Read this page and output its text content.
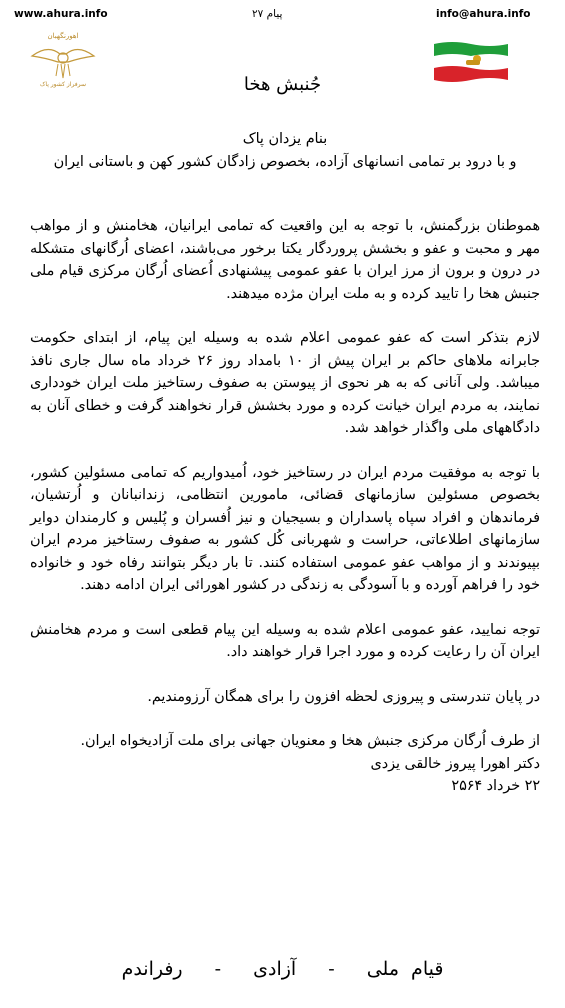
www.ahura.info	پیام ۲۷	info@ahura.info
اهورنگهبان
سرفراز کشور پاک	جُنبش هخا

بنام یزدان پاک

و با درود بر تمامی انسانهای آزاده، بخصوص زادگان کشور کهن و باستانی ایران

هموطنان بزرگمنش، با توجه به این واقعیت که تمامی ایرانیان، هخامنش و از مواهب مهر و محبت و عفو و بخشش پروردگار یکتا برخور می‌باشند، اعضای اُرگانهای متشکله در درون و برون از مرز ایران با عفو عمومی پیشنهادی اُعضای اُرگان مرکزی قیام ملی جنبش هخا را تایید کرده و به ملت ایران مژده میدهند.

لازم بتذکر است که عفو عمومی اعلام شده به وسیله این پیام، از ابتدای حکومت جابرانه ملاهای حاکم بر ایران پیش از ۱۰ بامداد روز ۲۶ خرداد ماه سال جاری نافذ میباشد. ولی آنانی که به هر نحوی از پیوستن به صفوف رستاخیز ملت ایران خودداری نمایند، به مردم ایران خیانت کرده و مورد بخشش قرار نخواهند گرفت و خطای آنان به دادگاههای ملی واگذار خواهد شد.

با توجه به موفقیت مردم ایران در رستاخیز خود، اُمیدواریم که تمامی مسئولین کشور، بخصوص مسئولین سازمانهای قضائی، مامورین انتظامی، زندانبانان و اُرتشیان، فرماندهان و افراد سپاه پاسداران و بسیجیان و نیز اُفسران و پُلیس و کارمندان دوایر سازمانهای اطلاعاتی، حراست و شهربانی کُل کشور به صفوف رستاخیز مردم ایران بپیوندند و از مواهب عفو عمومی استفاده کنند. تا بار دیگر بتوانند رفاه خود و خانواده خود را فراهم آورده و با آسودگی به زندگی در کشور اهورائی ایران ادامه دهند.

توجه نمایید، عفو عمومی اعلام شده به وسیله این پیام قطعی است و مردم هخامنش ایران آن را رعایت کرده و مورد اجرا قرار خواهند داد.

در پایان تندرستی و پیروزی لحظه افزون را برای همگان آرزومندیم.

از طرف اُرگان مرکزی جنبش هخا و معنویان جهانی برای ملت آزادیخواه ایران.

دکتر اهورا پیروز خالقی یزدی

۲۲ خرداد ۲۵۶۴

قیام ملی - آزادی - رفراندم
